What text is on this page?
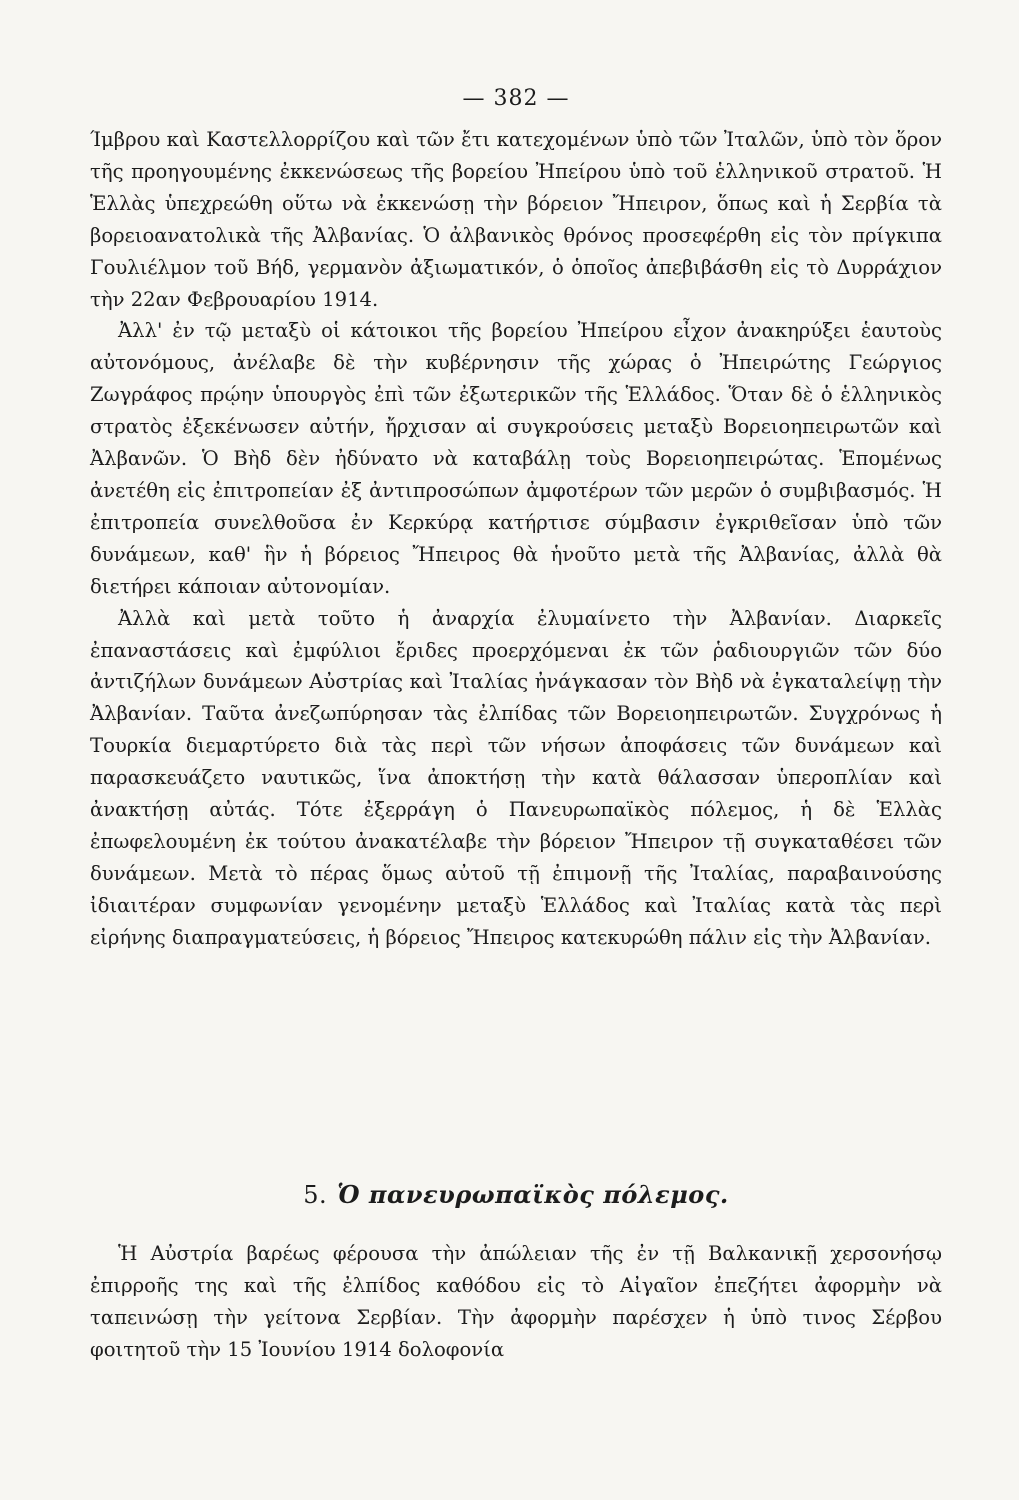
— 382 —

Ίμβρου καὶ Καστελλορρίζου καὶ τῶν ἔτι κατεχομένων ὑπὸ τῶν Ἰταλῶν, ὑπὸ τὸν ὅρον τῆς προηγουμένης ἐκκενώσεως τῆς βορείου Ἠπείρου ὑπὸ τοῦ ἑλληνικοῦ στρατοῦ. Ἡ Ἑλλὰς ὑπεχρεώθη οὕτω νὰ ἐκκενώσῃ τὴν βόρειον Ἤπειρον, ὅπως καὶ ἡ Σερβία τὰ βορειοανατολικὰ τῆς Ἀλβανίας. Ὁ ἀλβανικὸς θρόνος προσεφέρθη εἰς τὸν πρίγκιπα Γουλιέλμον τοῦ Βήδ, γερμανὸν ἀξιωματικόν, ὁ ὁποῖος ἀπεβιβάσθη εἰς τὸ Δυρράχιον τὴν 22αν Φεβρουαρίου 1914.

Ἀλλ' ἐν τῷ μεταξὺ οἱ κάτοικοι τῆς βορείου Ἠπείρου εἶχον ἀνακηρύξει ἑαυτοὺς αὐτονόμους, ἀνέλαβε δὲ τὴν κυβέρνησιν τῆς χώρας ὁ Ἠπειρώτης Γεώργιος Ζωγράφος πρῴην ὑπουργὸς ἐπὶ τῶν ἐξωτερικῶν τῆς Ἑλλάδος. Ὅταν δὲ ὁ ἑλληνικὸς στρατὸς ἐξεκένωσεν αὐτήν, ἤρχισαν αἱ συγκρούσεις μεταξὺ Βορειοηπειρωτῶν καὶ Ἀλβανῶν. Ὁ Βὴδ δὲν ἠδύνατο νὰ καταβάλῃ τοὺς Βορειοηπειρώτας. Ἑπομένως ἀνετέθη εἰς ἐπιτροπείαν ἐξ ἀντιπροσώπων ἀμφοτέρων τῶν μερῶν ὁ συμβιβασμός. Ἡ ἐπιτροπεία συνελθοῦσα ἐν Κερκύρᾳ κατήρτισε σύμβασιν ἐγκριθεῖσαν ὑπὸ τῶν δυνάμεων, καθ' ἣν ἡ βόρειος Ἤπειρος θὰ ἡνοῦτο μετὰ τῆς Ἀλβανίας, ἀλλὰ θὰ διετήρει κάποιαν αὐτονομίαν.

Ἀλλὰ καὶ μετὰ τοῦτο ἡ ἀναρχία ἐλυμαίνετο τὴν Ἀλβανίαν. Διαρκεῖς ἐπαναστάσεις καὶ ἐμφύλιοι ἔριδες προερχόμεναι ἐκ τῶν ῥαδιουργιῶν τῶν δύο ἀντιζήλων δυνάμεων Αὐστρίας καὶ Ἰταλίας ἠνάγκασαν τὸν Βὴδ νὰ ἐγκαταλείψῃ τὴν Ἀλβανίαν. Ταῦτα ἀνεζωπύρησαν τὰς ἐλπίδας τῶν Βορειοηπειρωτῶν. Συγχρόνως ἡ Τουρκία διεμαρτύρετο διὰ τὰς περὶ τῶν νήσων ἀποφάσεις τῶν δυνάμεων καὶ παρασκευάζετο ναυτικῶς, ἵνα ἀποκτήσῃ τὴν κατὰ θάλασσαν ὑπεροπλίαν καὶ ἀνακτήσῃ αὐτάς. Τότε ἐξερράγη ὁ Πανευρωπαϊκὸς πόλεμος, ἡ δὲ Ἑλλὰς ἐπωφελουμένη ἐκ τούτου ἀνακατέλαβε τὴν βόρειον Ἤπειρον τῇ συγκαταθέσει τῶν δυνάμεων. Μετὰ τὸ πέρας ὅμως αὐτοῦ τῇ ἐπιμονῇ τῆς Ἰταλίας, παραβαινούσης ἰδιαιτέραν συμφωνίαν γενομένην μεταξὺ Ἑλλάδος καὶ Ἰταλίας κατὰ τὰς περὶ εἰρήνης διαπραγματεύσεις, ἡ βόρειος Ἤπειρος κατεκυρώθη πάλιν εἰς τὴν Ἀλβανίαν.

5. Ὁ πανευρωπαϊκὸς πόλεμος.

Ἡ Αὐστρία βαρέως φέρουσα τὴν ἀπώλειαν τῆς ἐν τῇ Βαλκανικῇ χερσονήσῳ ἐπιρροῆς της καὶ τῆς ἐλπίδος καθόδου εἰς τὸ Αἰγαῖον ἐπεζήτει ἀφορμὴν νὰ ταπεινώσῃ τὴν γείτονα Σερβίαν. Τὴν ἀφορμὴν παρέσχεν ἡ ὑπὸ τινος Σέρβου φοιτητοῦ τὴν 15 Ἰουνίου 1914 δολοφονία
